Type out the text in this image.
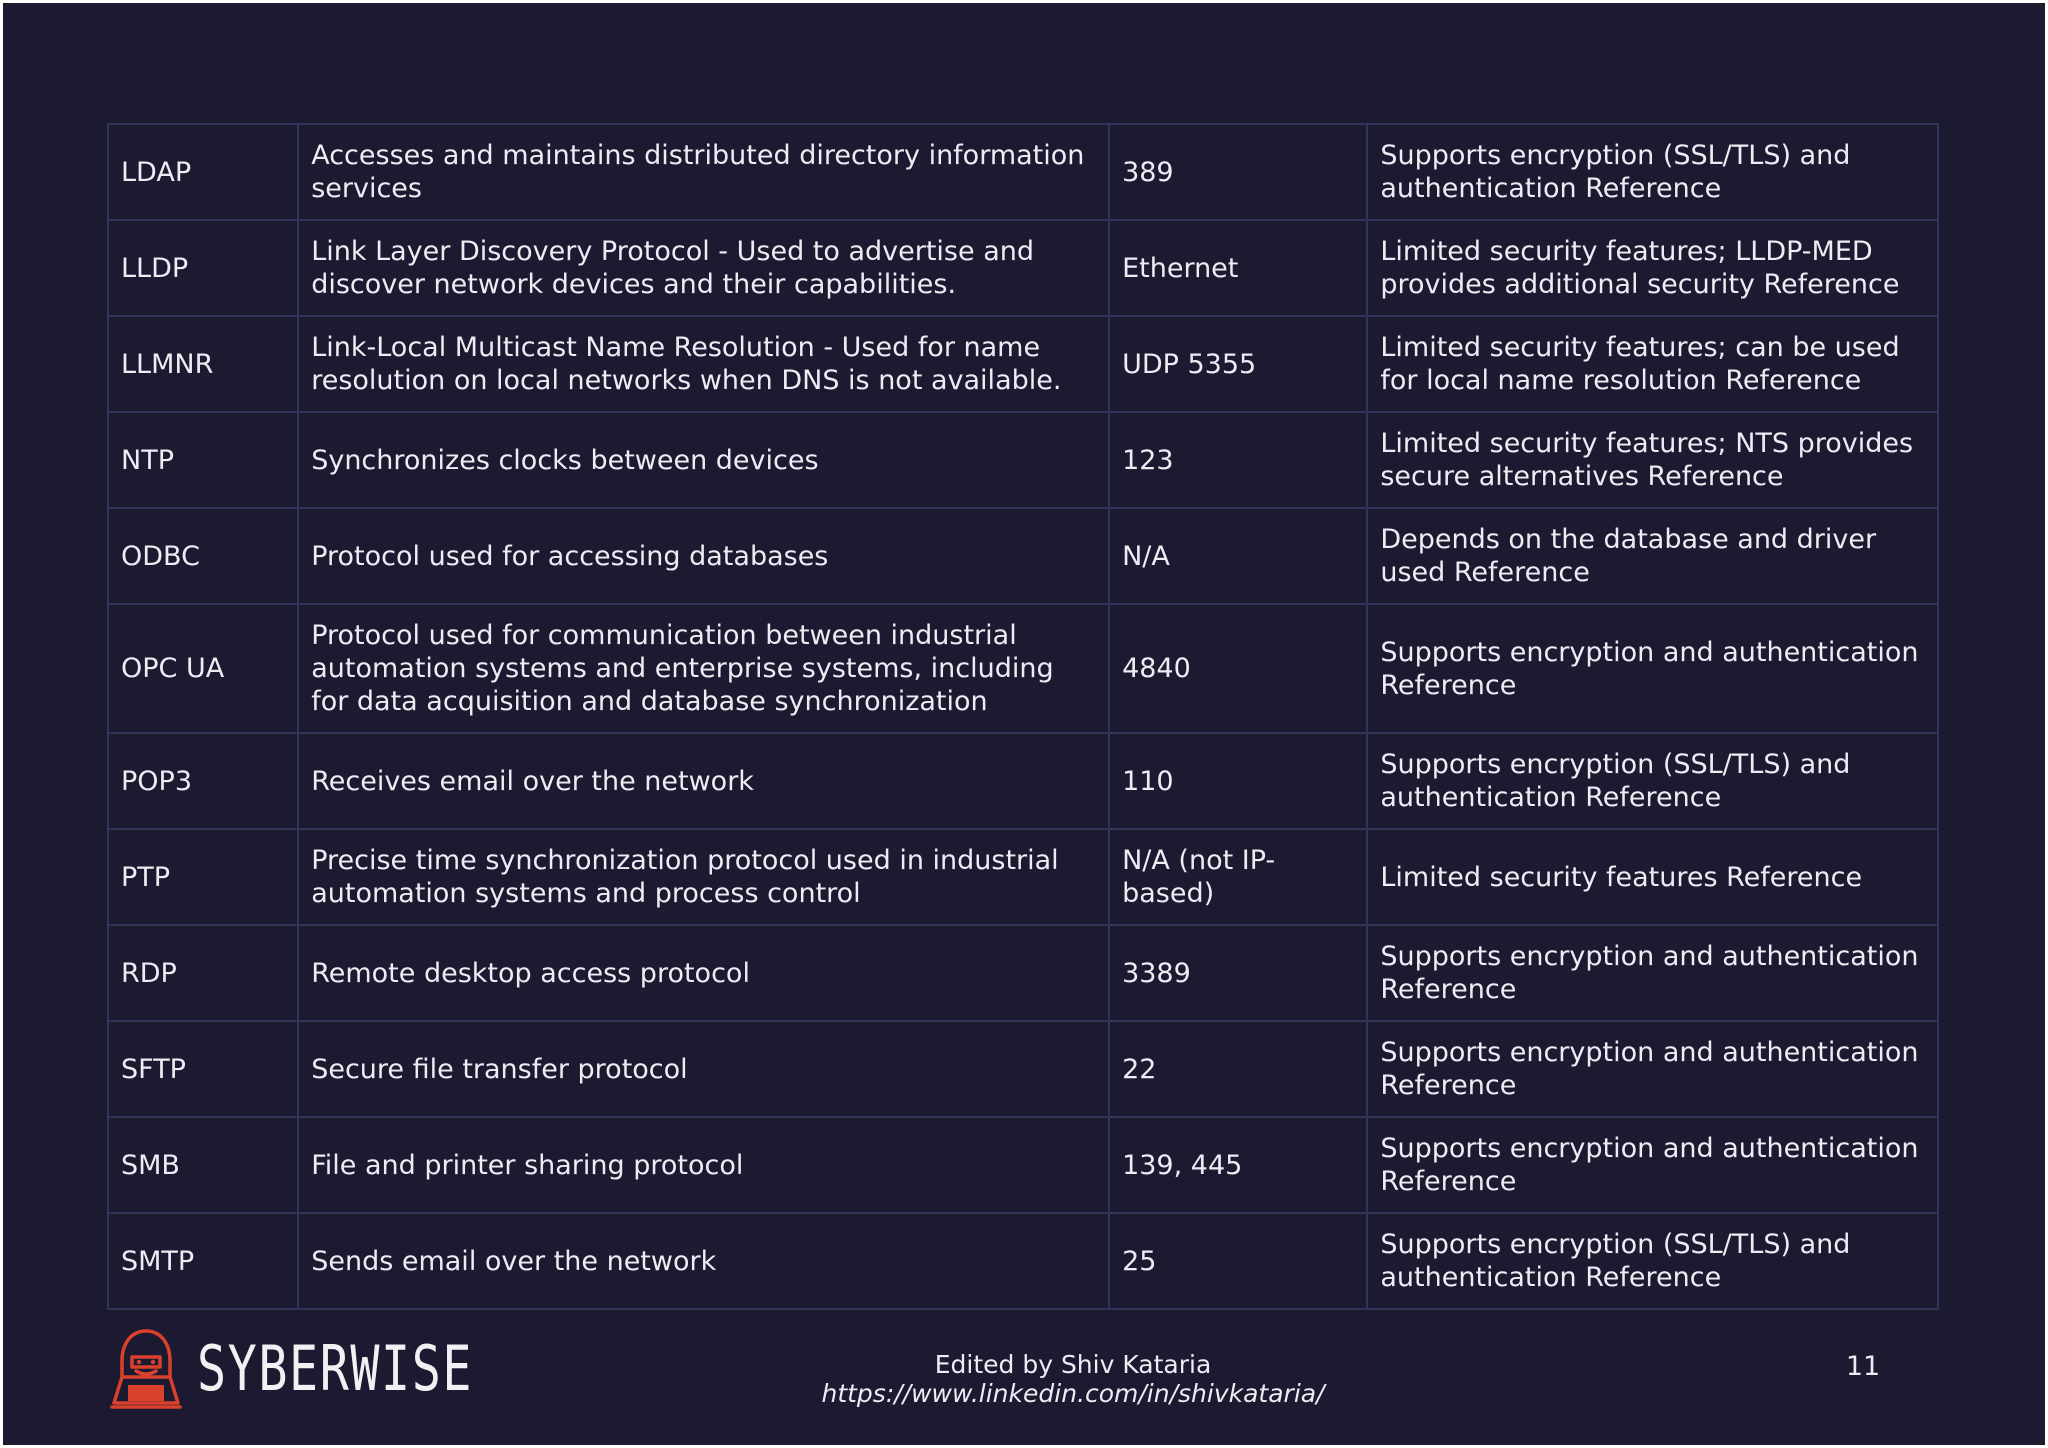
LDAP	Accesses and maintains distributed directory information services	389	Supports encryption (SSL/TLS) and authentication Reference
LLDP	Link Layer Discovery Protocol - Used to advertise and discover network devices and their capabilities.	Ethernet	Limited security features; LLDP-MED provides additional security Reference
LLMNR	Link-Local Multicast Name Resolution - Used for name resolution on local networks when DNS is not available.	UDP 5355	Limited security features; can be used for local name resolution Reference
NTP	Synchronizes clocks between devices	123	Limited security features; NTS provides secure alternatives Reference
ODBC	Protocol used for accessing databases	N/A	Depends on the database and driver used Reference
OPC UA	Protocol used for communication between industrial automation systems and enterprise systems, including for data acquisition and database synchronization	4840	Supports encryption and authentication Reference
POP3	Receives email over the network	110	Supports encryption (SSL/TLS) and authentication Reference
PTP	Precise time synchronization protocol used in industrial automation systems and process control	N/A (not IP-based)	Limited security features Reference
RDP	Remote desktop access protocol	3389	Supports encryption and authentication Reference
SFTP	Secure file transfer protocol	22	Supports encryption and authentication Reference
SMB	File and printer sharing protocol	139, 445	Supports encryption and authentication Reference
SMTP	Sends email over the network	25	Supports encryption (SSL/TLS) and authentication Reference
SYBERWISE	Edited by Shiv Kataria
https://www.linkedin.com/in/shivkataria/
11
